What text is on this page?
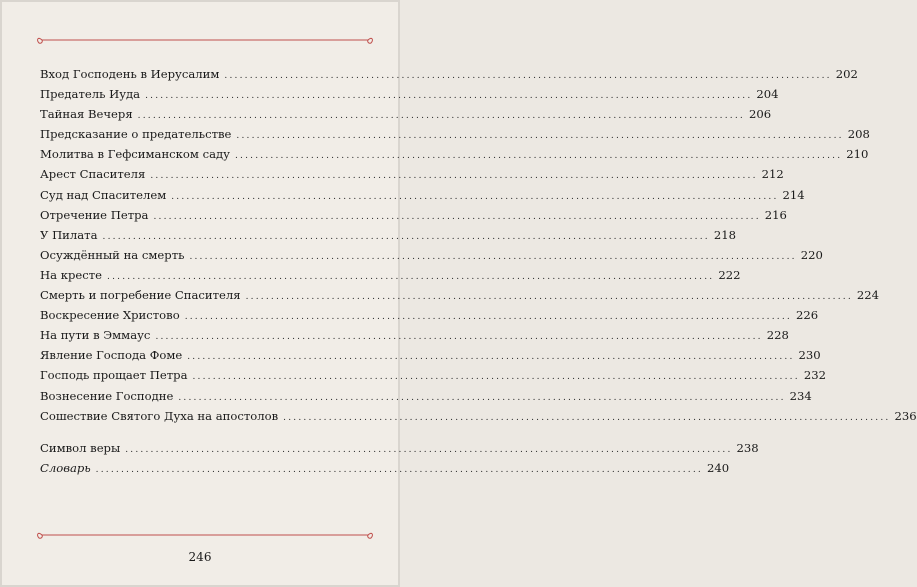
Вход Господень в Иерусалим ........................................................................................................................ 202
Предатель Иуда ........................................................................................................................ 204
Тайная Вечеря ........................................................................................................................ 206
Предсказание о предательстве ........................................................................................................................ 208
Молитва в Гефсиманском саду ........................................................................................................................ 210
Арест Спасителя ........................................................................................................................ 212
Суд над Спасителем ........................................................................................................................ 214
Отречение Петра ........................................................................................................................ 216
У Пилата ........................................................................................................................ 218
Осуждённый на смерть ........................................................................................................................ 220
На кресте ........................................................................................................................ 222
Смерть и погребение Спасителя ........................................................................................................................ 224
Воскресение Христово ........................................................................................................................ 226
На пути в Эммаус ........................................................................................................................ 228
Явление Господа Фоме ........................................................................................................................ 230
Господь прощает Петра ........................................................................................................................ 232
Вознесение Господне ........................................................................................................................ 234
Сошествие Святого Духа на апостолов ........................................................................................................................ 236
Символ веры ........................................................................................................................ 238
Словарь ........................................................................................................................ 240
246
